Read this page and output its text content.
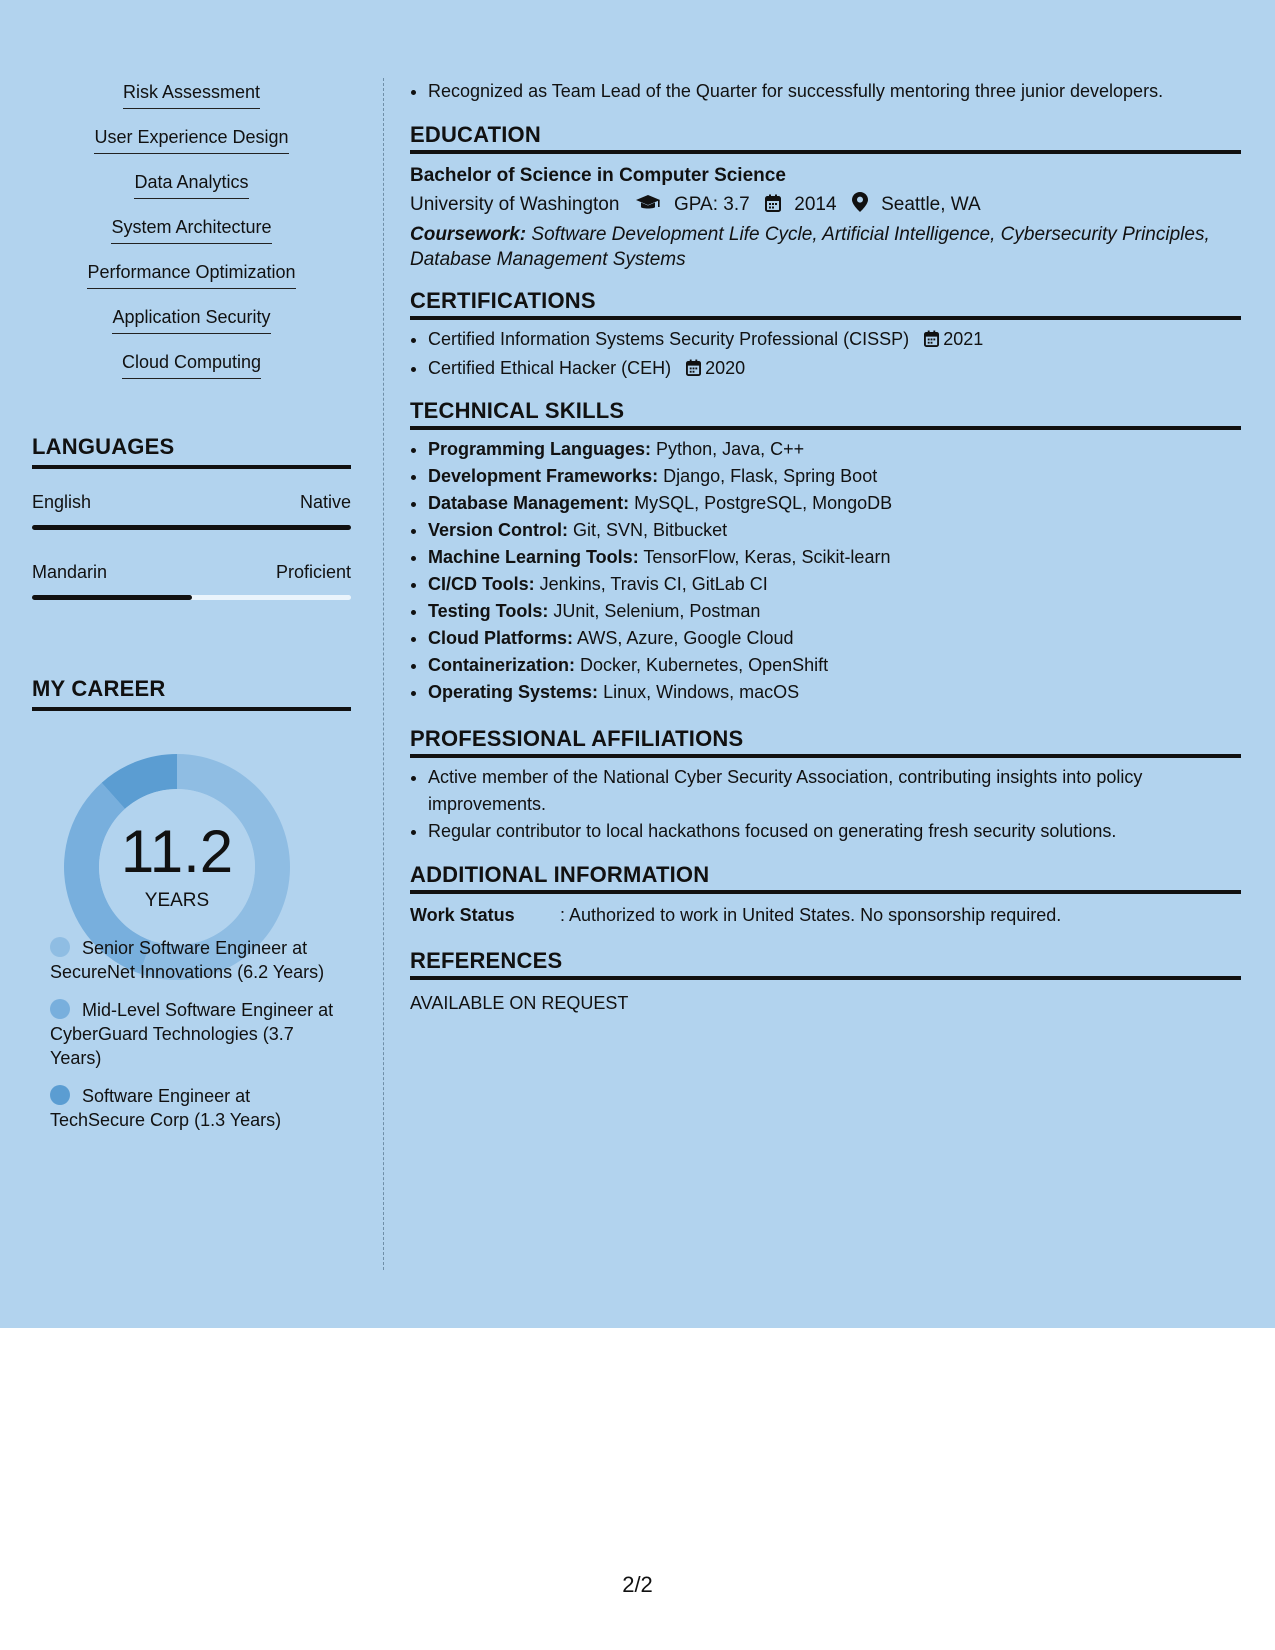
Risk Assessment
User Experience Design
Data Analytics
System Architecture
Performance Optimization
Application Security
Cloud Computing
LANGUAGES
English	Native
Mandarin	Proficient
MY CAREER
11.2
YEARS
Senior Software Engineer at SecureNet Innovations (6.2 Years)
Mid-Level Software Engineer at CyberGuard Technologies (3.7 Years)
Software Engineer at TechSecure Corp (1.3 Years)
• Recognized as Team Lead of the Quarter for successfully mentoring three junior developers.
EDUCATION
Bachelor of Science in Computer Science
University of Washington	GPA: 3.7 2014 Seattle, WA
Coursework: Software Development Life Cycle, Artificial Intelligence, Cybersecurity Principles, Database Management Systems
CERTIFICATIONS
• Certified Information Systems Security Professional (CISSP) 2021
• Certified Ethical Hacker (CEH) 2020
TECHNICAL SKILLS
• Programming Languages: Python, Java, C++
• Development Frameworks: Django, Flask, Spring Boot
• Database Management: MySQL, PostgreSQL, MongoDB
• Version Control: Git, SVN, Bitbucket
• Machine Learning Tools: TensorFlow, Keras, Scikit-learn
• CI/CD Tools: Jenkins, Travis CI, GitLab CI
• Testing Tools: JUnit, Selenium, Postman
• Cloud Platforms: AWS, Azure, Google Cloud
• Containerization: Docker, Kubernetes, OpenShift
• Operating Systems: Linux, Windows, macOS
PROFESSIONAL AFFILIATIONS
• Active member of the National Cyber Security Association, contributing insights into policy improvements.
• Regular contributor to local hackathons focused on generating fresh security solutions.
ADDITIONAL INFORMATION
Work Status	: Authorized to work in United States. No sponsorship required.
REFERENCES
AVAILABLE ON REQUEST
2/2
